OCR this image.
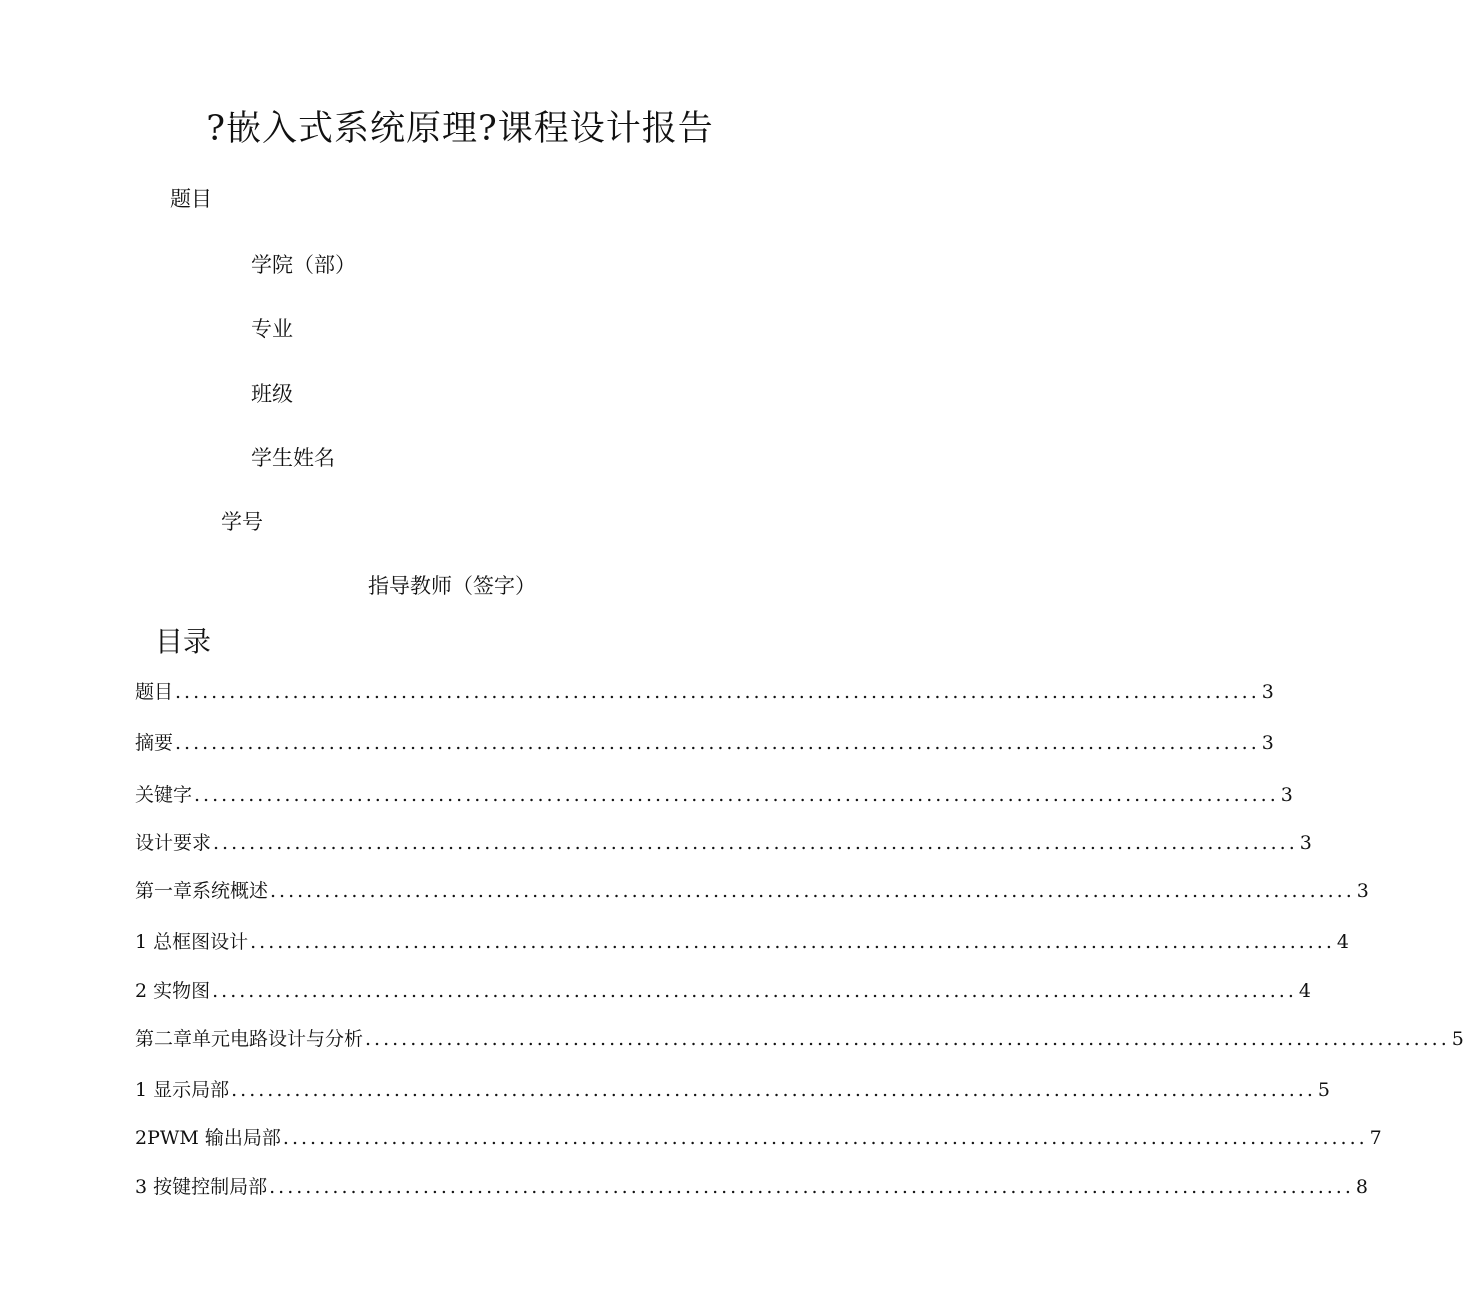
?嵌入式系统原理?课程设计报告
题目
学院（部）
专业
班级
学生姓名
学号
指导教师（签字）
目录
题目 ........................................................................................................................ 3
摘要 ........................................................................................................................ 3
关键字 ........................................................................................................................ 3
设计要求 ........................................................................................................................ 3
第一章系统概述 ........................................................................................................................ 3
1 总框图设计 ........................................................................................................................ 4
2 实物图 ........................................................................................................................ 4
第二章单元电路设计与分析 ........................................................................................................................ 5
1 显示局部 ........................................................................................................................ 5
2PWM 输出局部 ........................................................................................................................ 7
3 按键控制局部 ........................................................................................................................ 8
